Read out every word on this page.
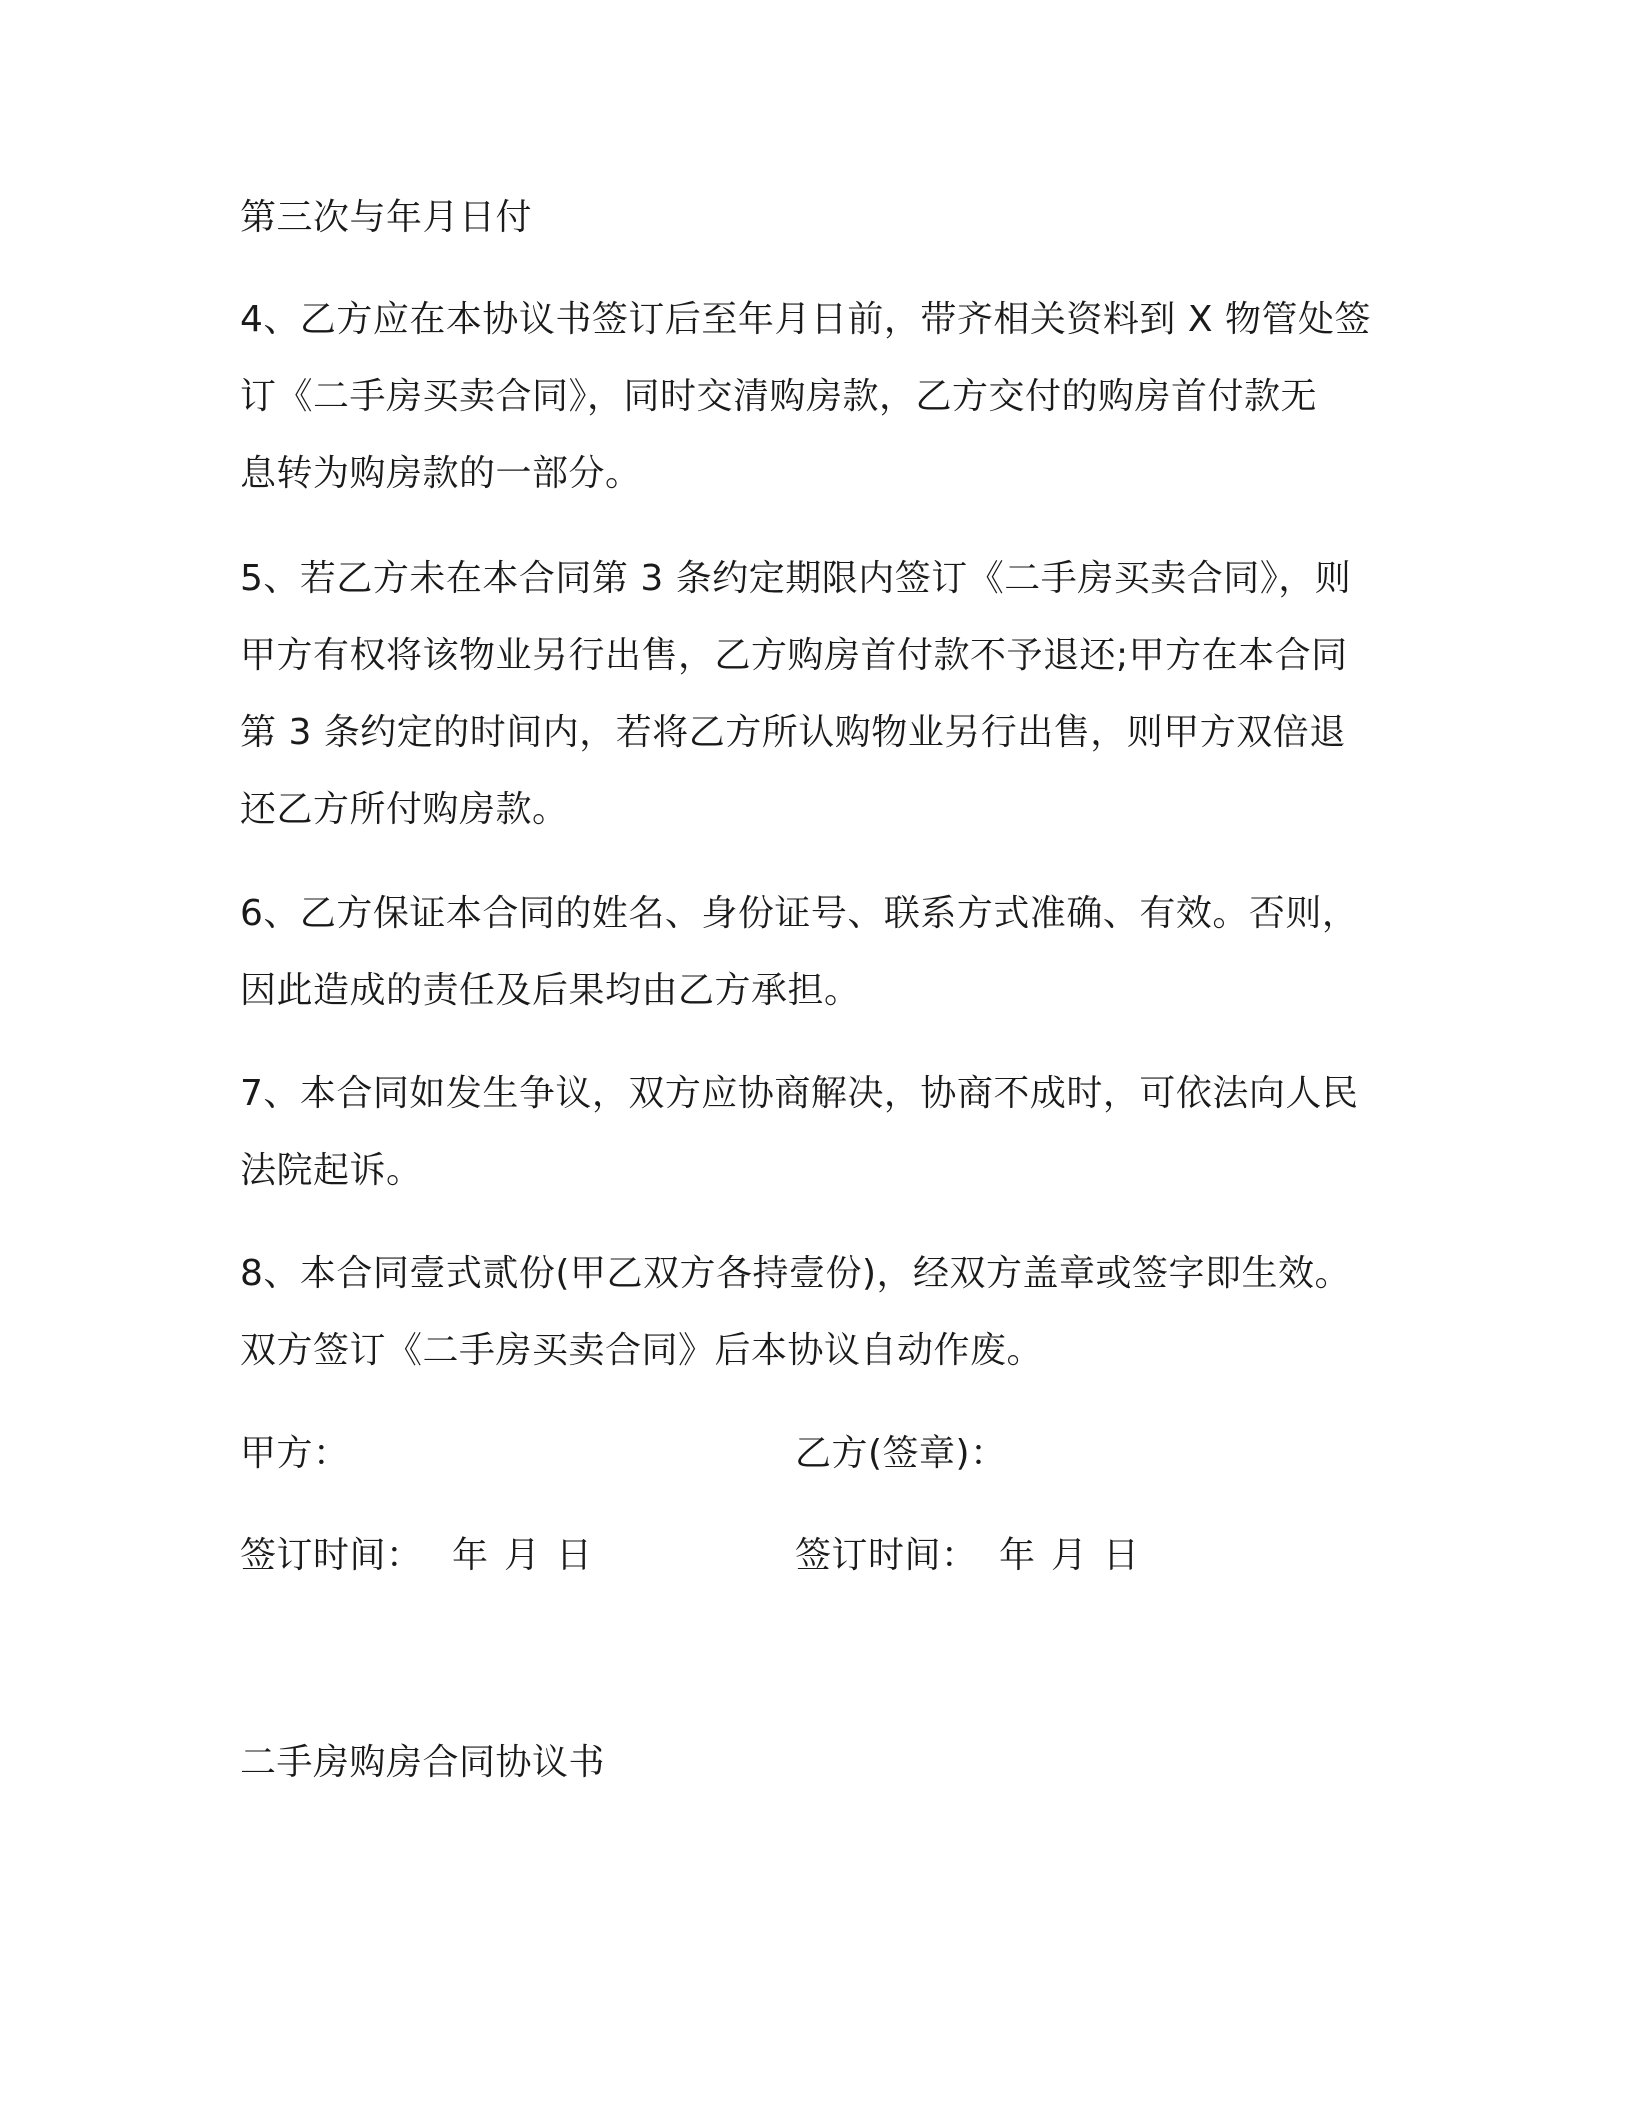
第三次与年月日付
4、乙方应在本协议书签订后至年月日前，带齐相关资料到 X 物管处签
订《二手房买卖合同》，同时交清购房款，乙方交付的购房首付款无
息转为购房款的一部分。
5、若乙方未在本合同第 3 条约定期限内签订《二手房买卖合同》，则
甲方有权将该物业另行出售，乙方购房首付款不予退还;甲方在本合同
第 3 条约定的时间内，若将乙方所认购物业另行出售，则甲方双倍退
还乙方所付购房款。
6、乙方保证本合同的姓名、身份证号、联系方式准确、有效。否则，
因此造成的责任及后果均由乙方承担。
7、本合同如发生争议，双方应协商解决，协商不成时，可依法向人民
法院起诉。
8、本合同壹式贰份(甲乙双方各持壹份)，经双方盖章或签字即生效。
双方签订《二手房买卖合同》后本协议自动作废。
甲方：	乙方(签章)：
签订时间： 年 月 日	签订时间： 年 月 日
二手房购房合同协议书
